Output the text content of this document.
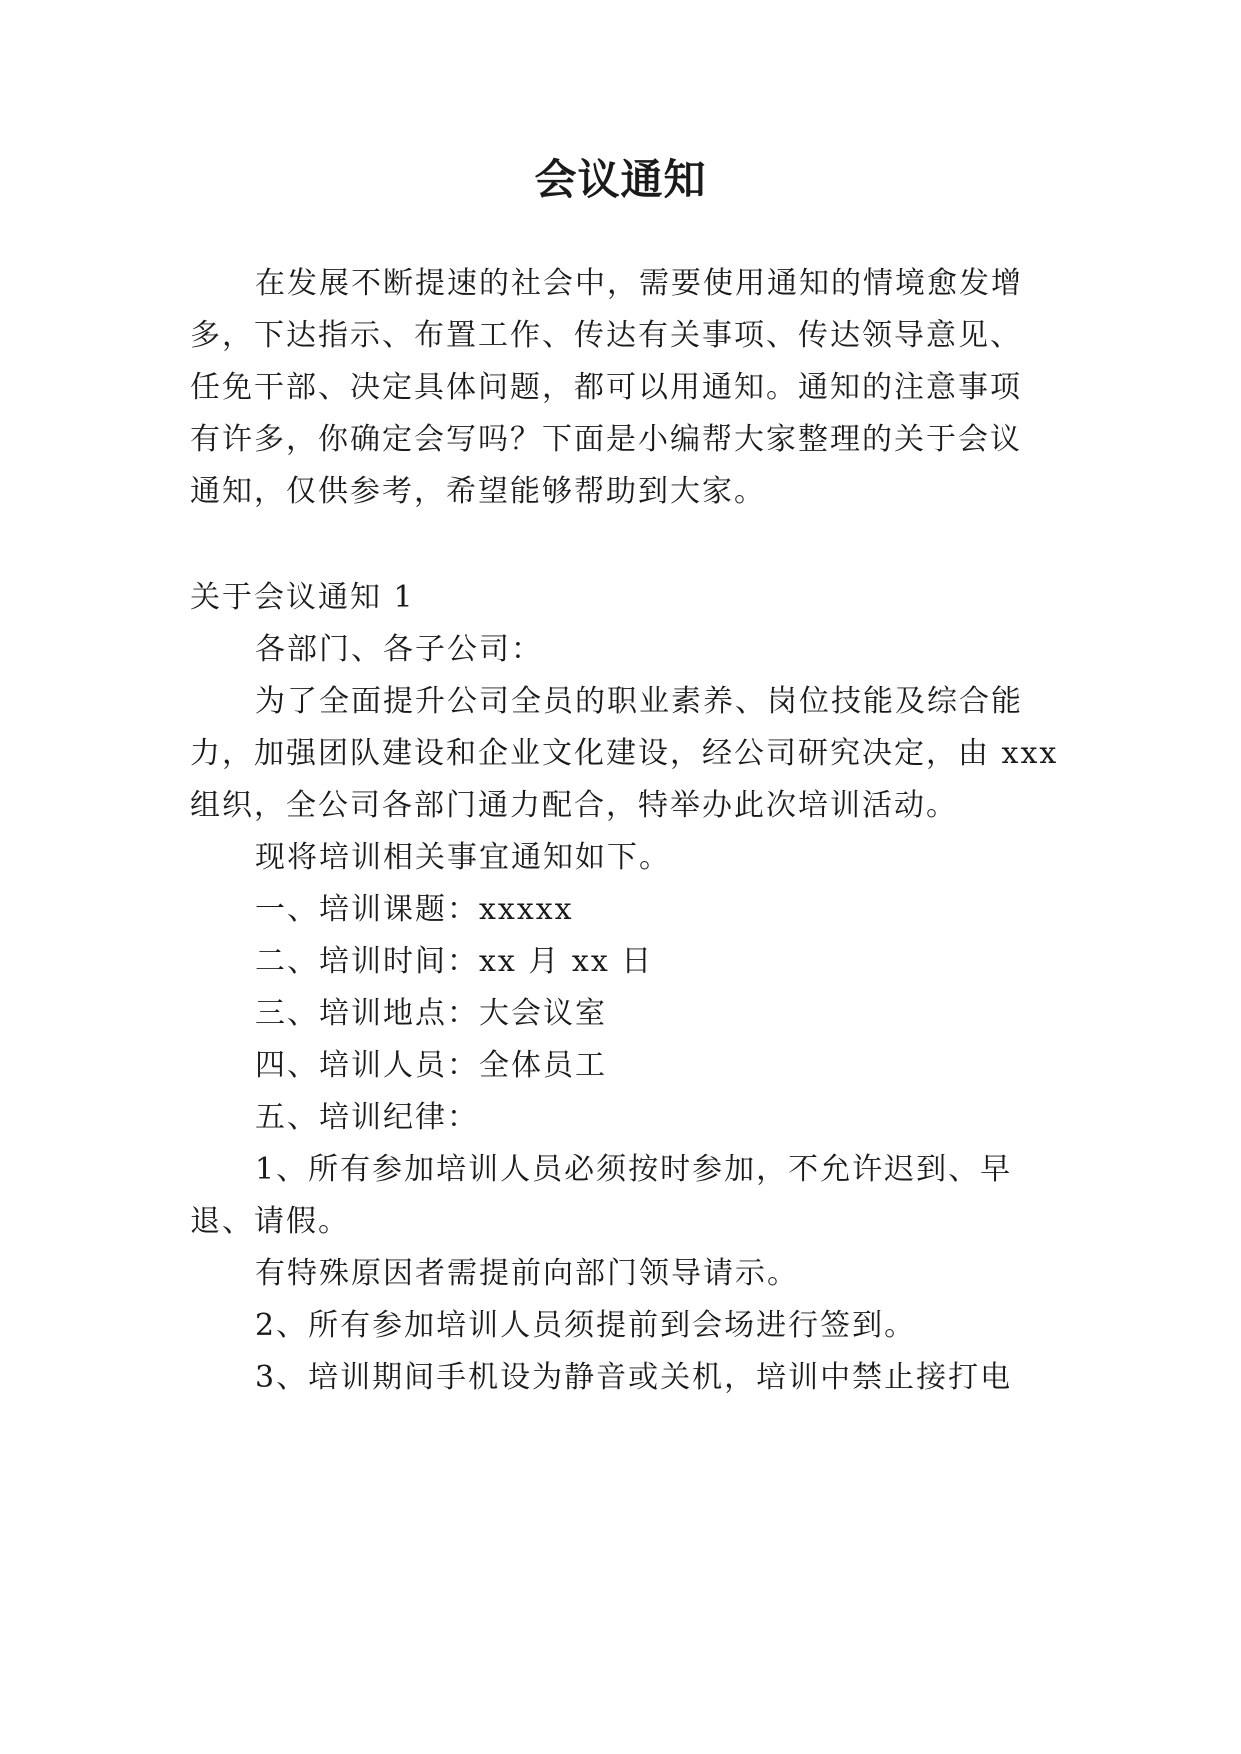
会议通知
在发展不断提速的社会中，需要使用通知的情境愈发增
多，下达指示、布置工作、传达有关事项、传达领导意见、
任免干部、决定具体问题，都可以用通知。通知的注意事项
有许多，你确定会写吗？下面是小编帮大家整理的关于会议
通知，仅供参考，希望能够帮助到大家。
关于会议通知 1
各部门、各子公司：
为了全面提升公司全员的职业素养、岗位技能及综合能
力，加强团队建设和企业文化建设，经公司研究决定，由 xxx
组织，全公司各部门通力配合，特举办此次培训活动。
现将培训相关事宜通知如下。
一、培训课题：xxxxx
二、培训时间：xx 月 xx 日
三、培训地点：大会议室
四、培训人员：全体员工
五、培训纪律：
1、所有参加培训人员必须按时参加，不允许迟到、早
退、请假。
有特殊原因者需提前向部门领导请示。
2、所有参加培训人员须提前到会场进行签到。
3、培训期间手机设为静音或关机，培训中禁止接打电
